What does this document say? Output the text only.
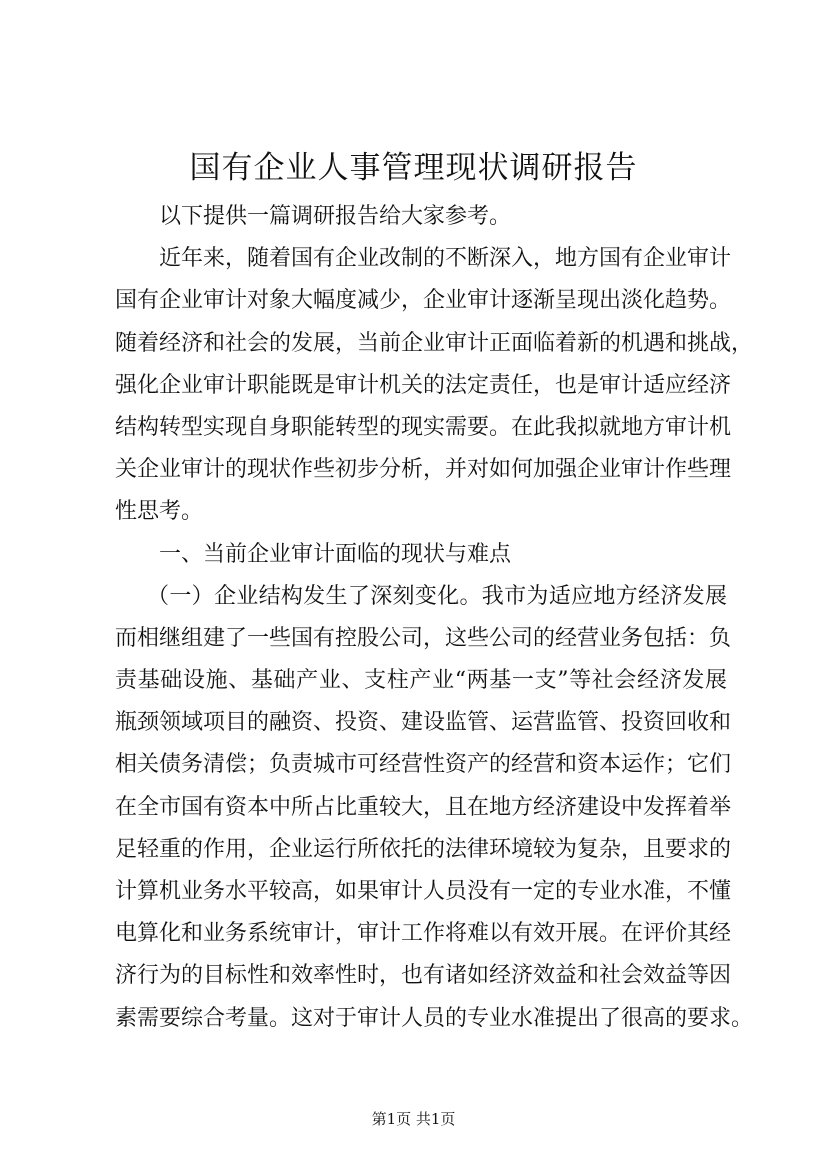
国有企业人事管理现状调研报告
以下提供一篇调研报告给大家参考。
近年来，随着国有企业改制的不断深入，地方国有企业审计
国有企业审计对象大幅度减少，企业审计逐渐呈现出淡化趋势。
随着经济和社会的发展，当前企业审计正面临着新的机遇和挑战，
强化企业审计职能既是审计机关的法定责任，也是审计适应经济
结构转型实现自身职能转型的现实需要。在此我拟就地方审计机
关企业审计的现状作些初步分析，并对如何加强企业审计作些理
性思考。
一、当前企业审计面临的现状与难点
（一）企业结构发生了深刻变化。我市为适应地方经济发展
而相继组建了一些国有控股公司，这些公司的经营业务包括：负
责基础设施、基础产业、支柱产业“两基一支”等社会经济发展
瓶颈领域项目的融资、投资、建设监管、运营监管、投资回收和
相关债务清偿；负责城市可经营性资产的经营和资本运作；它们
在全市国有资本中所占比重较大，且在地方经济建设中发挥着举
足轻重的作用，企业运行所依托的法律环境较为复杂，且要求的
计算机业务水平较高，如果审计人员没有一定的专业水准，不懂
电算化和业务系统审计，审计工作将难以有效开展。在评价其经
济行为的目标性和效率性时，也有诸如经济效益和社会效益等因
素需要综合考量。这对于审计人员的专业水准提出了很高的要求。
第1页 共1页
